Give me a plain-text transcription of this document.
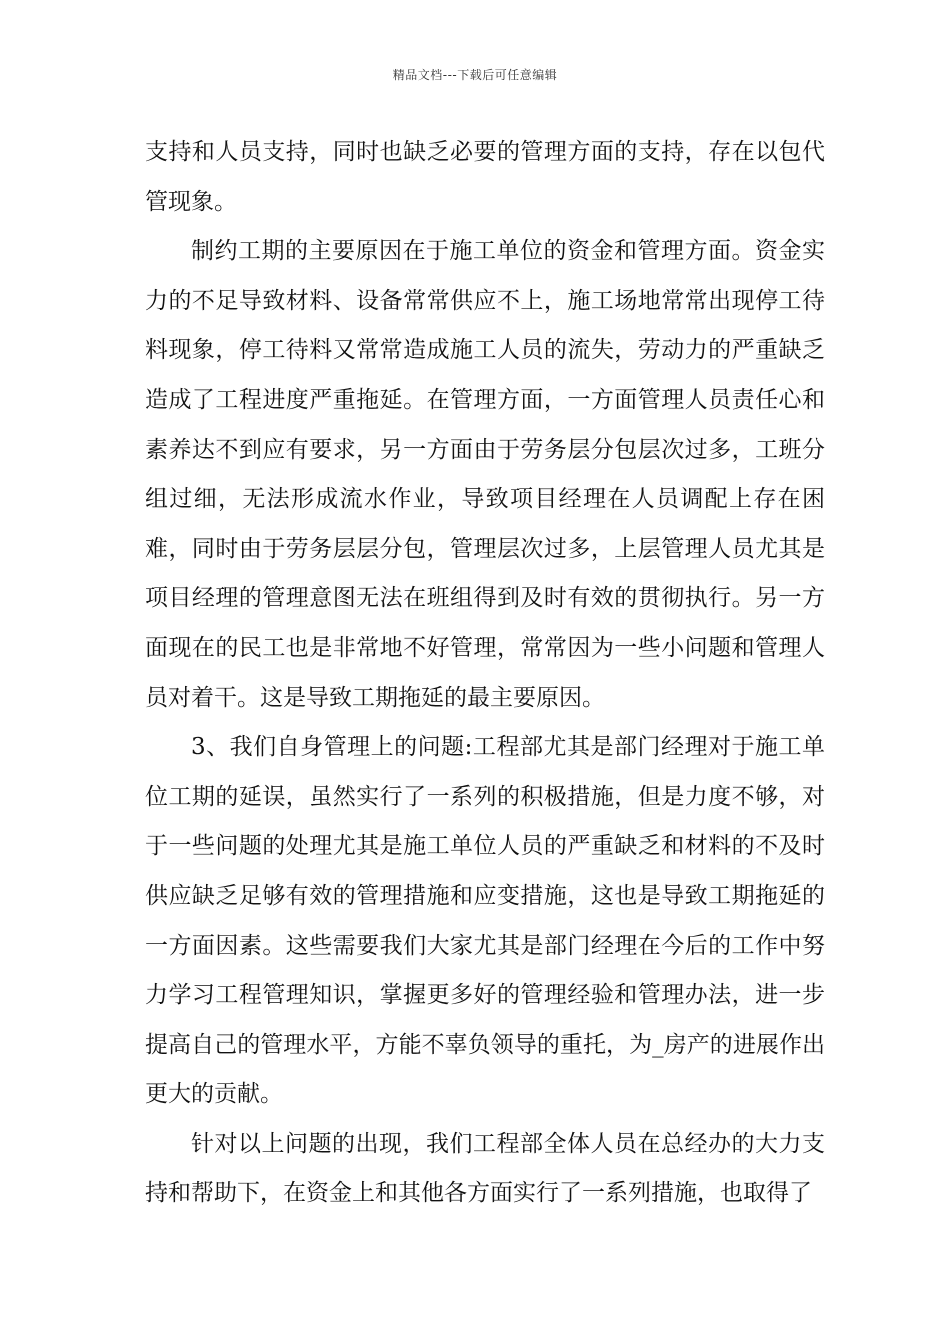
精品文档---下载后可任意编辑

支持和人员支持，同时也缺乏必要的管理方面的支持，存在以包代管现象。

制约工期的主要原因在于施工单位的资金和管理方面。资金实力的不足导致材料、设备常常供应不上，施工场地常常出现停工待料现象，停工待料又常常造成施工人员的流失，劳动力的严重缺乏造成了工程进度严重拖延。在管理方面，一方面管理人员责任心和素养达不到应有要求，另一方面由于劳务层分包层次过多，工班分组过细，无法形成流水作业，导致项目经理在人员调配上存在困难，同时由于劳务层层分包，管理层次过多，上层管理人员尤其是项目经理的管理意图无法在班组得到及时有效的贯彻执行。另一方面现在的民工也是非常地不好管理，常常因为一些小问题和管理人员对着干。这是导致工期拖延的最主要原因。

3、我们自身管理上的问题:工程部尤其是部门经理对于施工单位工期的延误，虽然实行了一系列的积极措施，但是力度不够，对于一些问题的处理尤其是施工单位人员的严重缺乏和材料的不及时供应缺乏足够有效的管理措施和应变措施，这也是导致工期拖延的一方面因素。这些需要我们大家尤其是部门经理在今后的工作中努力学习工程管理知识，掌握更多好的管理经验和管理办法，进一步提高自己的管理水平，方能不辜负领导的重托，为_房产的进展作出更大的贡献。

针对以上问题的出现，我们工程部全体人员在总经办的大力支持和帮助下，在资金上和其他各方面实行了一系列措施，也取得了
